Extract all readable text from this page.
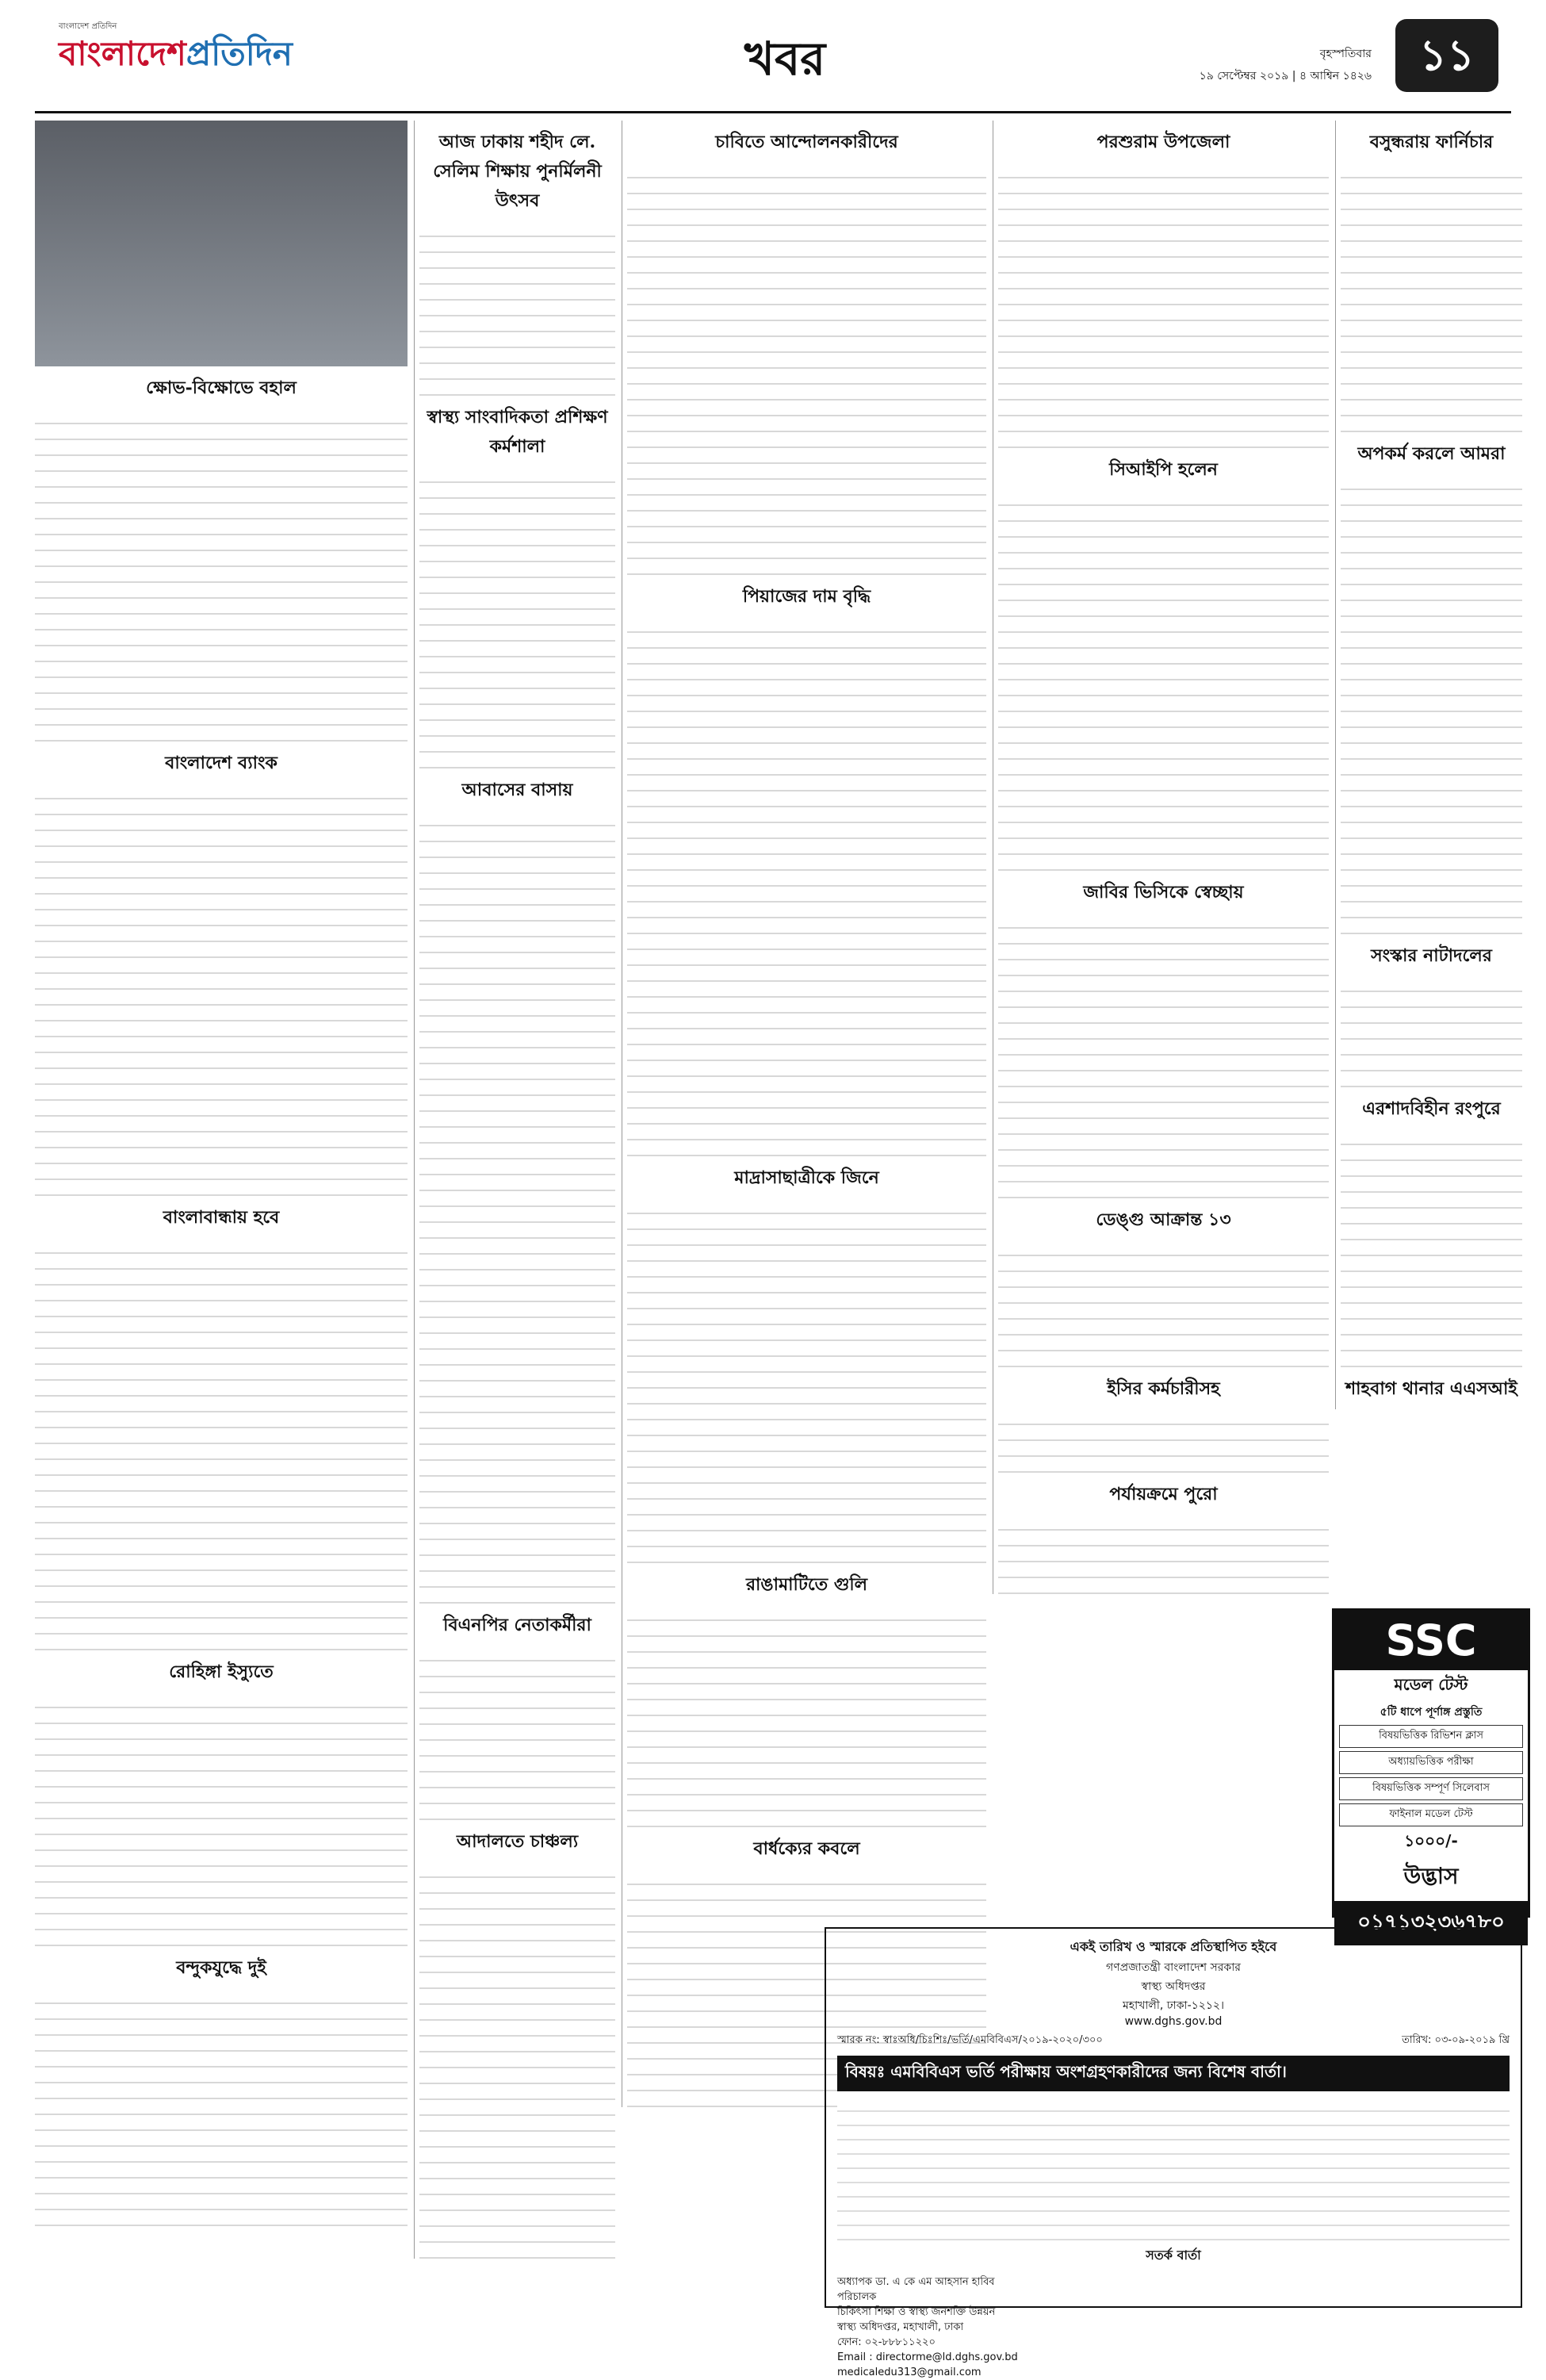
বাংলাদেশ প্রতিদিন
বাংলাদেশপ্রতিদিন	খবর	বৃহস্পতিবার
১৯ সেপ্টেম্বর ২০১৯ | ৪ আশ্বিন ১৪২৬	১১
ক্ষোভ-বিক্ষোভে বহাল
বাংলাদেশ ব্যাংক
বাংলাবান্ধায় হবে
রোহিঙ্গা ইস্যুতে
বন্দুকযুদ্ধে দুই
আজ ঢাকায় শহীদ লে. সেলিম শিক্ষায় পুনর্মিলনী উৎসব
স্বাস্থ্য সাংবাদিকতা প্রশিক্ষণ কর্মশালা
আবাসের বাসায়
বিএনপির নেতাকর্মীরা
আদালতে চাঞ্চল্য
চাবিতে আন্দোলনকারীদের
পিয়াজের দাম বৃদ্ধি
মাদ্রাসাছাত্রীকে জিনে
রাঙামাটিতে গুলি
বার্ধক্যের কবলে
পরশুরাম উপজেলা
সিআইপি হলেন
জাবির ভিসিকে স্বেচ্ছায়
ডেঙ্গু আক্রান্ত ১৩
ইসির কর্মচারীসহ
পর্যায়ক্রমে পুরো
বসুন্ধরায় ফার্নিচার
অপকর্ম করলে আমরা
সংস্কার নাটাদলের
এরশাদবিহীন রংপুরে
শাহবাগ থানার এএসআই
SSC
মডেল টেস্ট
৫টি ধাপে পূর্ণাঙ্গ প্রস্তুতি
বিষয়ভিত্তিক রিভিশন ক্লাস
অধ্যায়ভিত্তিক পরীক্ষা
বিষয়ভিত্তিক সম্পূর্ণ সিলেবাস
ফাইনাল মডেল টেস্ট
১০০০/-
উদ্ভাস
০১৭১৩২৩৬৭৮০
একই তারিখ ও স্মারকে প্রতিস্থাপিত হইবে
গণপ্রজাতন্ত্রী বাংলাদেশ সরকার
স্বাস্থ্য অধিদপ্তর
মহাখালী, ঢাকা-১২১২।
www.dghs.gov.bd
স্মারক নং: স্বাঃঅধি/চিঃশিঃ/ভর্তি/এমবিবিএস/২০১৯-২০২০/৩০০	তারিখ: ০৩-০৯-২০১৯ খ্রি
বিষয়ঃ এমবিবিএস ভর্তি পরীক্ষায় অংশগ্রহণকারীদের জন্য বিশেষ বার্তা।
সতর্ক বার্তা
অধ্যাপক ডা. এ কে এম আহসান হাবিব
পরিচালক
চিকিৎসা শিক্ষা ও স্বাস্থ্য জনশক্তি উন্নয়ন
স্বাস্থ্য অধিদপ্তর, মহাখালী, ঢাকা
ফোন: ০২-৮৮৮১১২২০
Email : directorme@ld.dghs.gov.bd
medicaledu313@gmail.com
